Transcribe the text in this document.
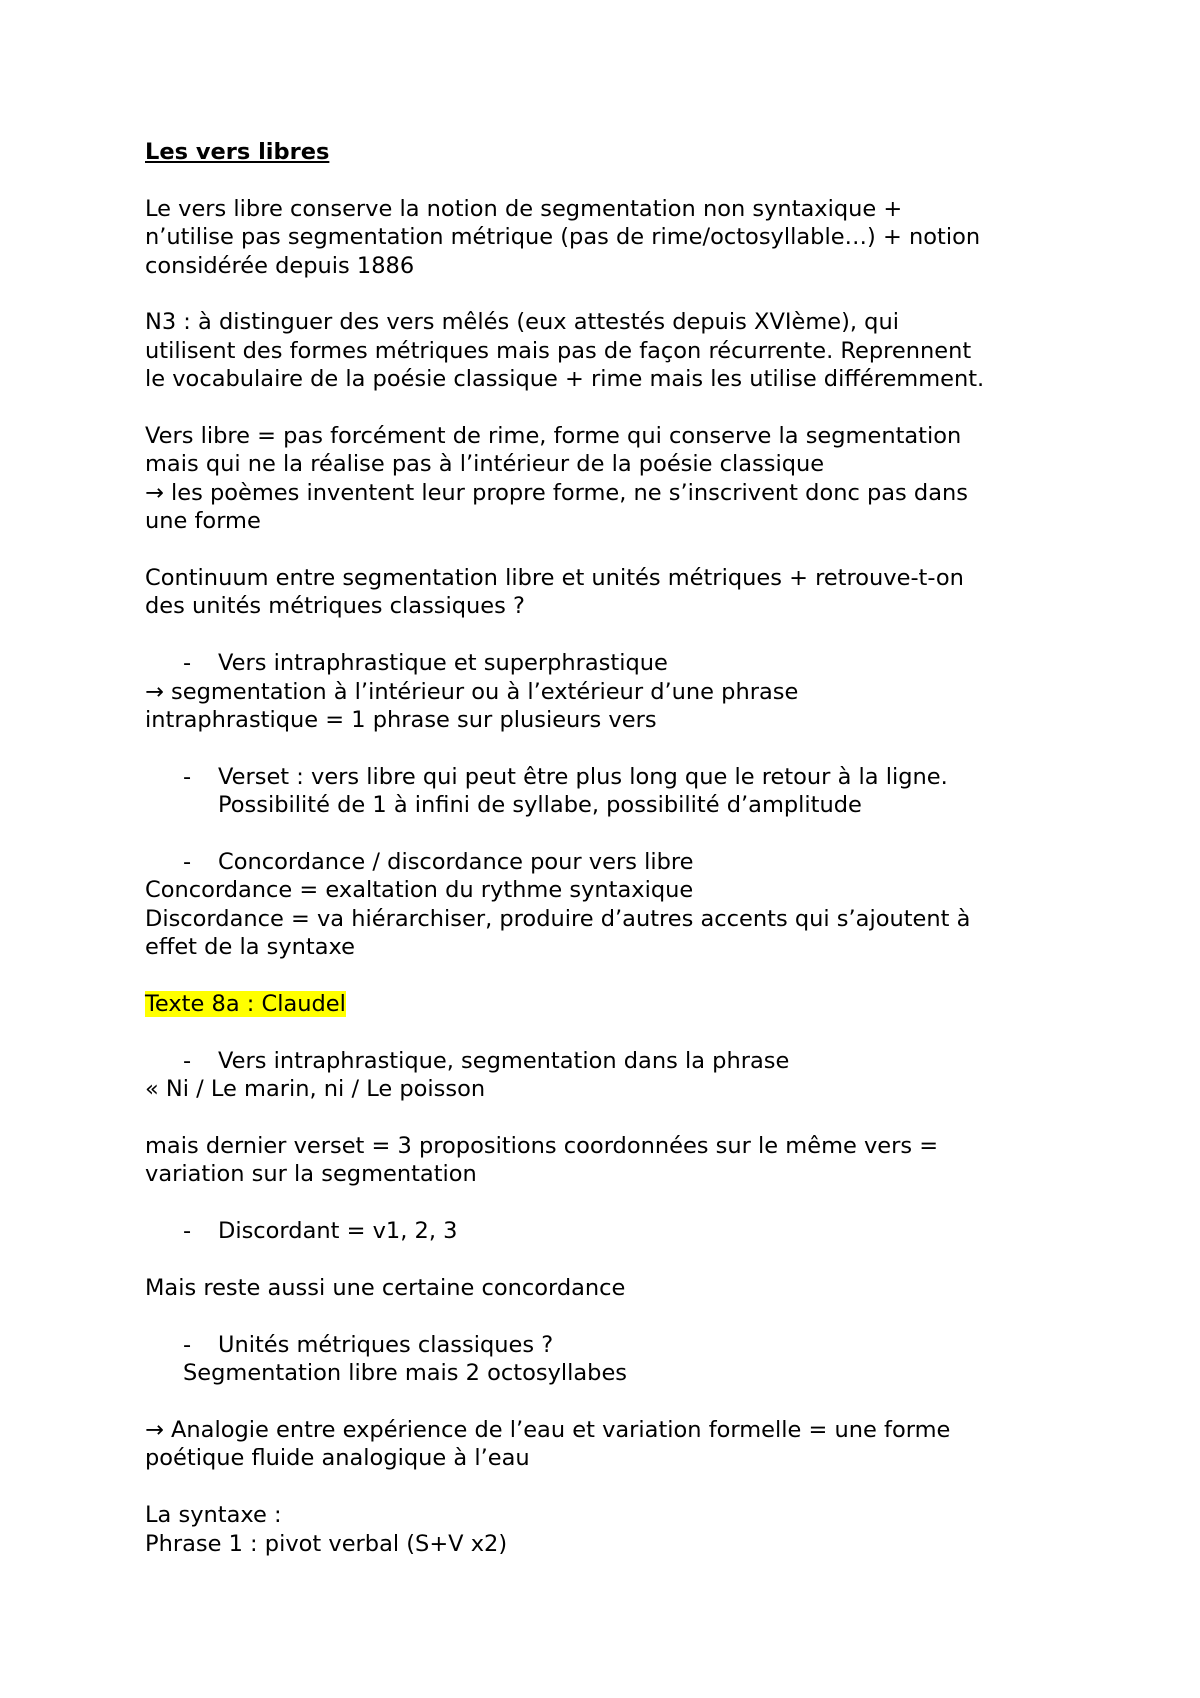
Les vers libres

Le vers libre conserve la notion de segmentation non syntaxique +

n’utilise pas segmentation métrique (pas de rime/octosyllable…) + notion

considérée depuis 1886

N3 : à distinguer des vers mêlés (eux attestés depuis XVIème), qui

utilisent des formes métriques mais pas de façon récurrente. Reprennent

le vocabulaire de la poésie classique + rime mais les utilise différemment.

Vers libre = pas forcément de rime, forme qui conserve la segmentation

mais qui ne la réalise pas à l’intérieur de la poésie classique

→ les poèmes inventent leur propre forme, ne s’inscrivent donc pas dans

une forme

Continuum entre segmentation libre et unités métriques + retrouve-t-on

des unités métriques classiques ?

-	Vers intraphrastique et superphrastique

→ segmentation à l’intérieur ou à l’extérieur d’une phrase

intraphrastique = 1 phrase sur plusieurs vers

-	Verset : vers libre qui peut être plus long que le retour à la ligne.

Possibilité de 1 à infini de syllabe, possibilité d’amplitude

-	Concordance / discordance pour vers libre

Concordance = exaltation du rythme syntaxique

Discordance = va hiérarchiser, produire d’autres accents qui s’ajoutent à

effet de la syntaxe

Texte 8a : Claudel

-	Vers intraphrastique, segmentation dans la phrase

« Ni / Le marin, ni / Le poisson

mais dernier verset = 3 propositions coordonnées sur le même vers =

variation sur la segmentation

-	Discordant = v1, 2, 3

Mais reste aussi une certaine concordance

-	Unités métriques classiques ?

Segmentation libre mais 2 octosyllabes

→ Analogie entre expérience de l’eau et variation formelle = une forme

poétique fluide analogique à l’eau

La syntaxe :

Phrase 1 : pivot verbal (S+V x2)
